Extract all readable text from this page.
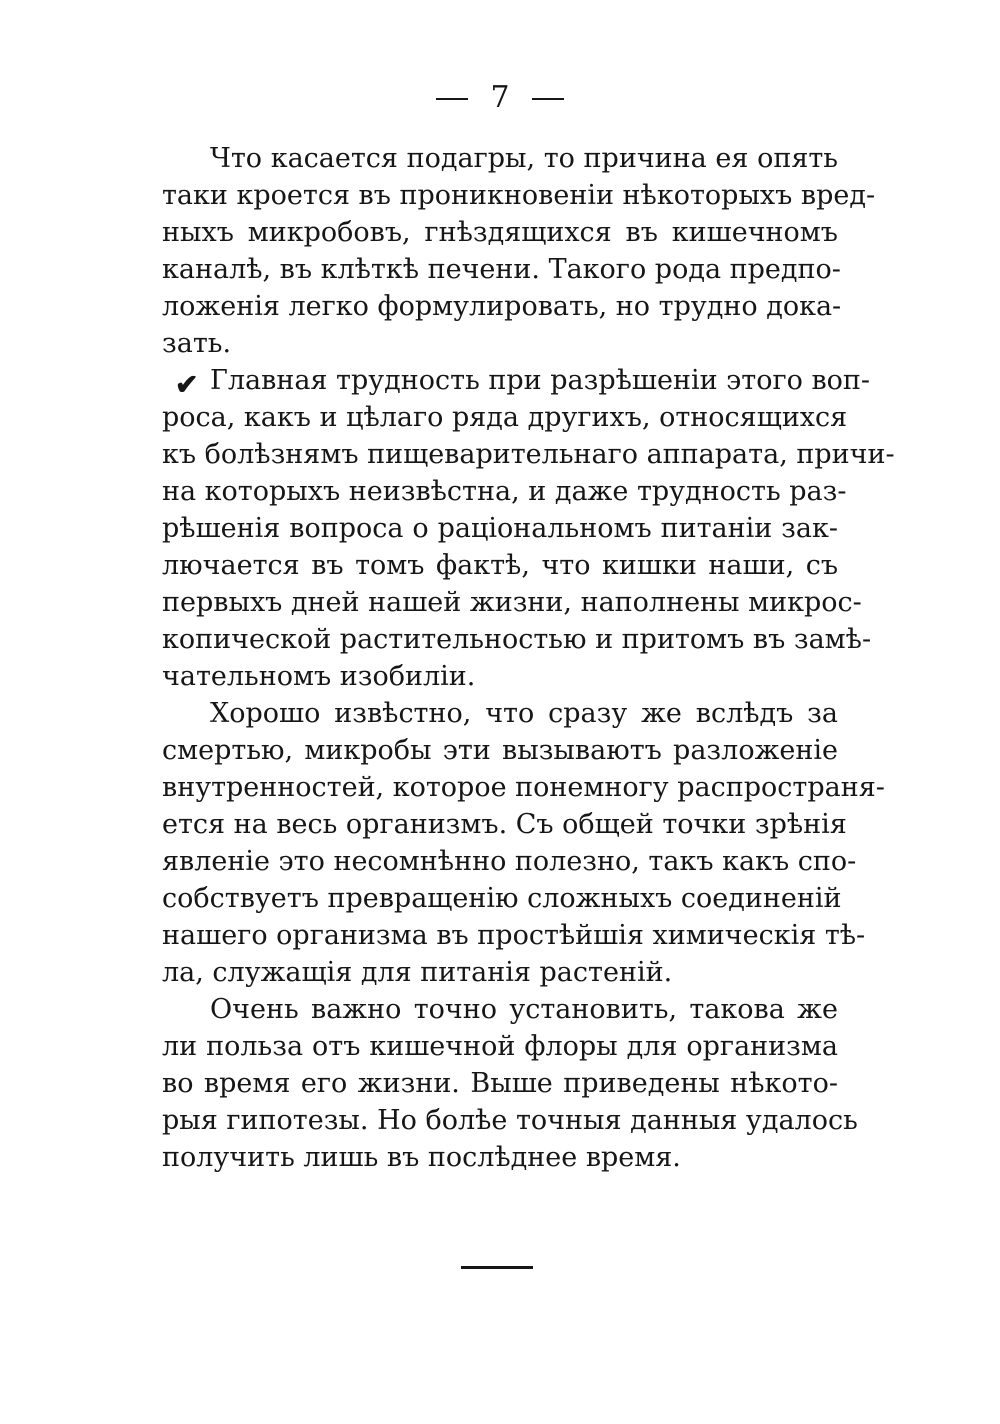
7
✔
Что касается подагры, то причина ея опять
таки кроется въ проникновенiи нѣкоторыхъ вред-
ныхъ микробовъ, гнѣздящихся въ кишечномъ
каналѣ, въ клѣткѣ печени. Такого рода предпо-
ложенiя легко формулировать, но трудно дока-
зать.
Главная трудность при разрѣшенiи этого воп-
роса, какъ и цѣлаго ряда другихъ, относящихся
къ болѣзнямъ пищеварительнаго аппарата, причи-
на которыхъ неизвѣстна, и даже трудность раз-
рѣшенiя вопроса о рацiональномъ питанiи зак-
лючается въ томъ фактѣ, что кишки наши, съ
первыхъ дней нашей жизни, наполнены микрос-
копической растительностью и притомъ въ замѣ-
чательномъ изобилiи.
Хорошо извѣстно, что сразу же вслѣдъ за
смертью, микробы эти вызываютъ разложенiе
внутренностей, которое понемногу распространя-
ется на весь организмъ. Съ общей точки зрѣнiя
явленiе это несомнѣнно полезно, такъ какъ спо-
собствуетъ превращенiю сложныхъ соединенiй
нашего организма въ простѣйшiя химическiя тѣ-
ла, служащiя для питанiя растенiй.
Очень важно точно установить, такова же
ли польза отъ кишечной флоры для организма
во время его жизни. Выше приведены нѣкото-
рыя гипотезы. Но болѣе точныя данныя удалось
получить лишь въ послѣднее время.
